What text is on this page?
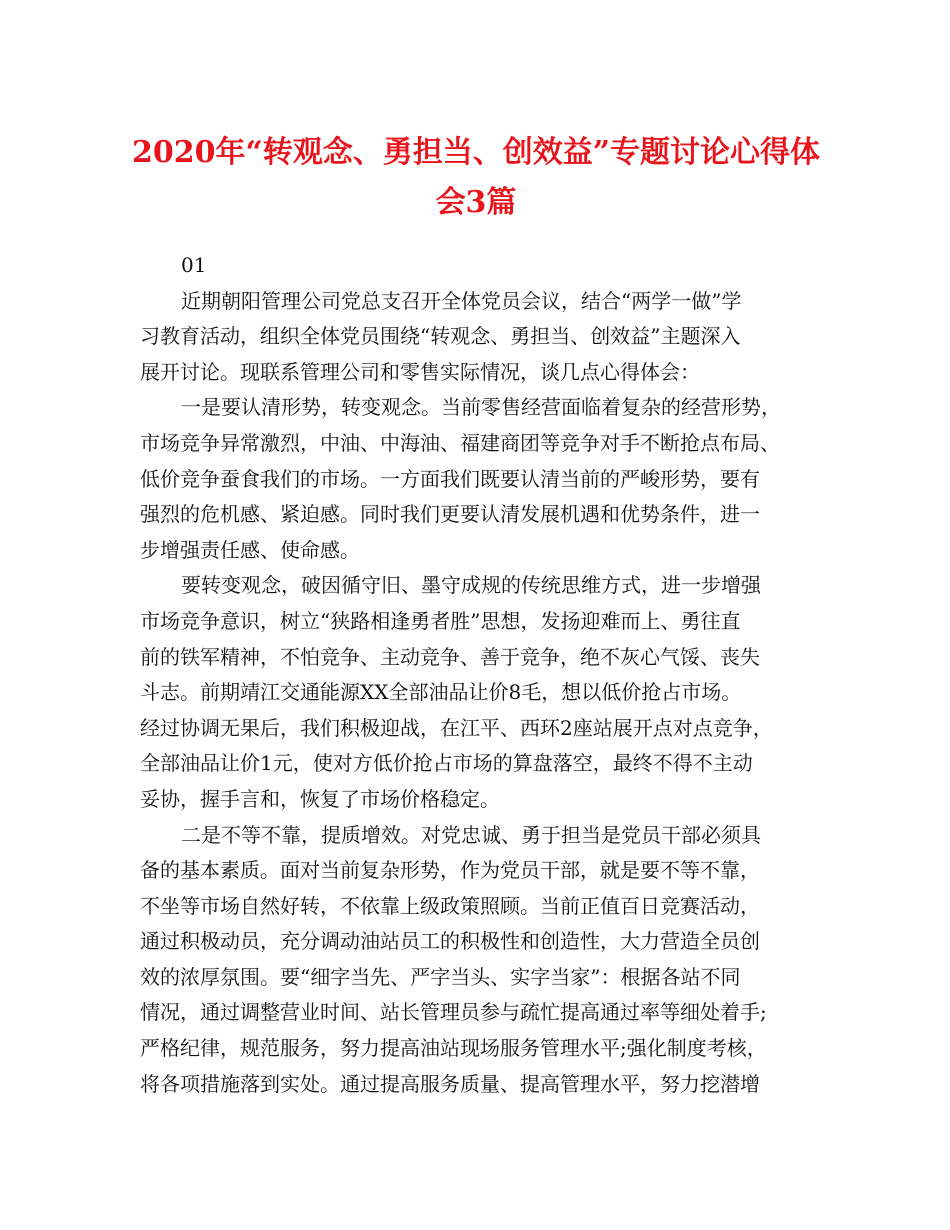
2020年“转观念、勇担当、创效益”专题讨论心得体
会3篇
01
近期朝阳管理公司党总支召开全体党员会议，结合“两学一做”学
习教育活动，组织全体党员围绕“转观念、勇担当、创效益”主题深入
展开讨论。现联系管理公司和零售实际情况，谈几点心得体会：
一是要认清形势，转变观念。当前零售经营面临着复杂的经营形势，
市场竞争异常激烈，中油、中海油、福建商团等竞争对手不断抢点布局、
低价竞争蚕食我们的市场。一方面我们既要认清当前的严峻形势，要有
强烈的危机感、紧迫感。同时我们更要认清发展机遇和优势条件，进一
步增强责任感、使命感。
要转变观念，破因循守旧、墨守成规的传统思维方式，进一步增强
市场竞争意识，树立“狭路相逢勇者胜”思想，发扬迎难而上、勇往直
前的铁军精神，不怕竞争、主动竞争、善于竞争，绝不灰心气馁、丧失
斗志。前期靖江交通能源XX全部油品让价8毛，想以低价抢占市场。
经过协调无果后，我们积极迎战，在江平、西环2座站展开点对点竞争，
全部油品让价1元，使对方低价抢占市场的算盘落空，最终不得不主动
妥协，握手言和，恢复了市场价格稳定。
二是不等不靠，提质增效。对党忠诚、勇于担当是党员干部必须具
备的基本素质。面对当前复杂形势，作为党员干部，就是要不等不靠，
不坐等市场自然好转，不依靠上级政策照顾。当前正值百日竞赛活动，
通过积极动员，充分调动油站员工的积极性和创造性，大力营造全员创
效的浓厚氛围。要“细字当先、严字当头、实字当家”：根据各站不同
情况，通过调整营业时间、站长管理员参与疏忙提高通过率等细处着手;
严格纪律，规范服务，努力提高油站现场服务管理水平;强化制度考核，
将各项措施落到实处。通过提高服务质量、提高管理水平，努力挖潜增
